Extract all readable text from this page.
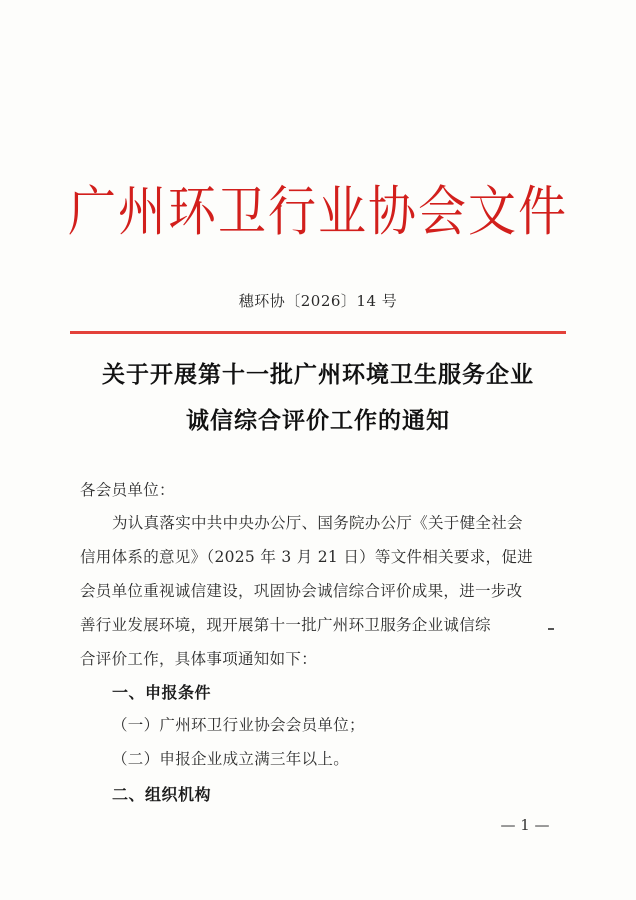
广州环卫行业协会文件
穗环协〔2026〕14 号
关于开展第十一批广州环境卫生服务企业
诚信综合评价工作的通知
各会员单位：
为认真落实中共中央办公厅、国务院办公厅《关于健全社会
信用体系的意见》（2025 年 3 月 21 日）等文件相关要求，促进
会员单位重视诚信建设，巩固协会诚信综合评价成果，进一步改
善行业发展环境，现开展第十一批广州环卫服务企业诚信综
合评价工作，具体事项通知如下：
一、申报条件
（一）广州环卫行业协会会员单位；
（二）申报企业成立满三年以上。
二、组织机构
— 1 —
